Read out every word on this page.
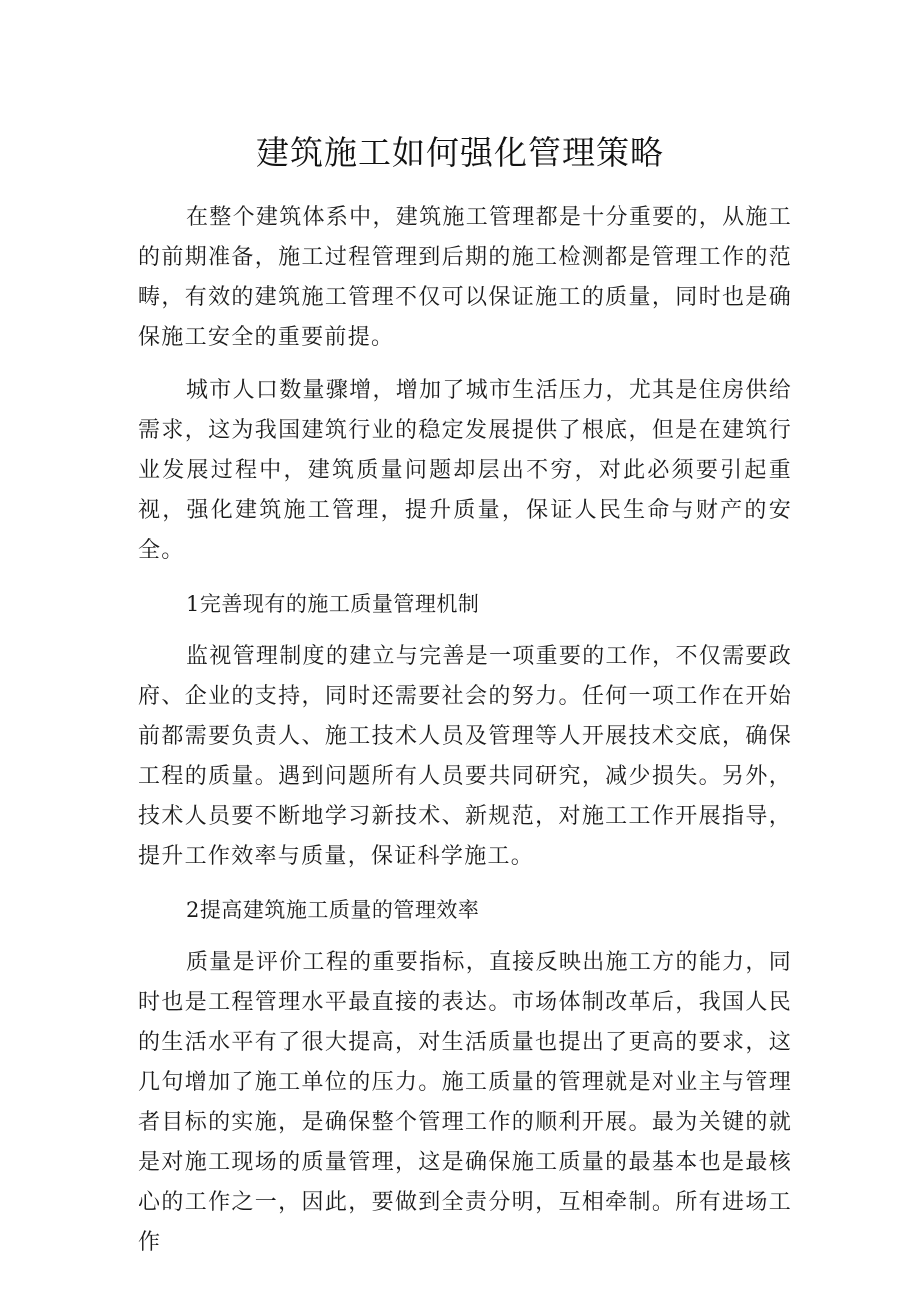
建筑施工如何强化管理策略

在整个建筑体系中，建筑施工管理都是十分重要的，从施工的前期准备，施工过程管理到后期的施工检测都是管理工作的范畴，有效的建筑施工管理不仅可以保证施工的质量，同时也是确保施工安全的重要前提。

城市人口数量骤增，增加了城市生活压力，尤其是住房供给需求，这为我国建筑行业的稳定发展提供了根底，但是在建筑行业发展过程中，建筑质量问题却层出不穷，对此必须要引起重视，强化建筑施工管理，提升质量，保证人民生命与财产的安全。

1完善现有的施工质量管理机制

监视管理制度的建立与完善是一项重要的工作，不仅需要政府、企业的支持，同时还需要社会的努力。任何一项工作在开始前都需要负责人、施工技术人员及管理等人开展技术交底，确保工程的质量。遇到问题所有人员要共同研究，减少损失。另外，技术人员要不断地学习新技术、新规范，对施工工作开展指导，提升工作效率与质量，保证科学施工。

2提高建筑施工质量的管理效率

质量是评价工程的重要指标，直接反映出施工方的能力，同时也是工程管理水平最直接的表达。市场体制改革后，我国人民的生活水平有了很大提高，对生活质量也提出了更高的要求，这几句增加了施工单位的压力。施工质量的管理就是对业主与管理者目标的实施，是确保整个管理工作的顺利开展。最为关键的就是对施工现场的质量管理，这是确保施工质量的最基本也是最核心的工作之一，因此，要做到全责分明，互相牵制。所有进场工作
